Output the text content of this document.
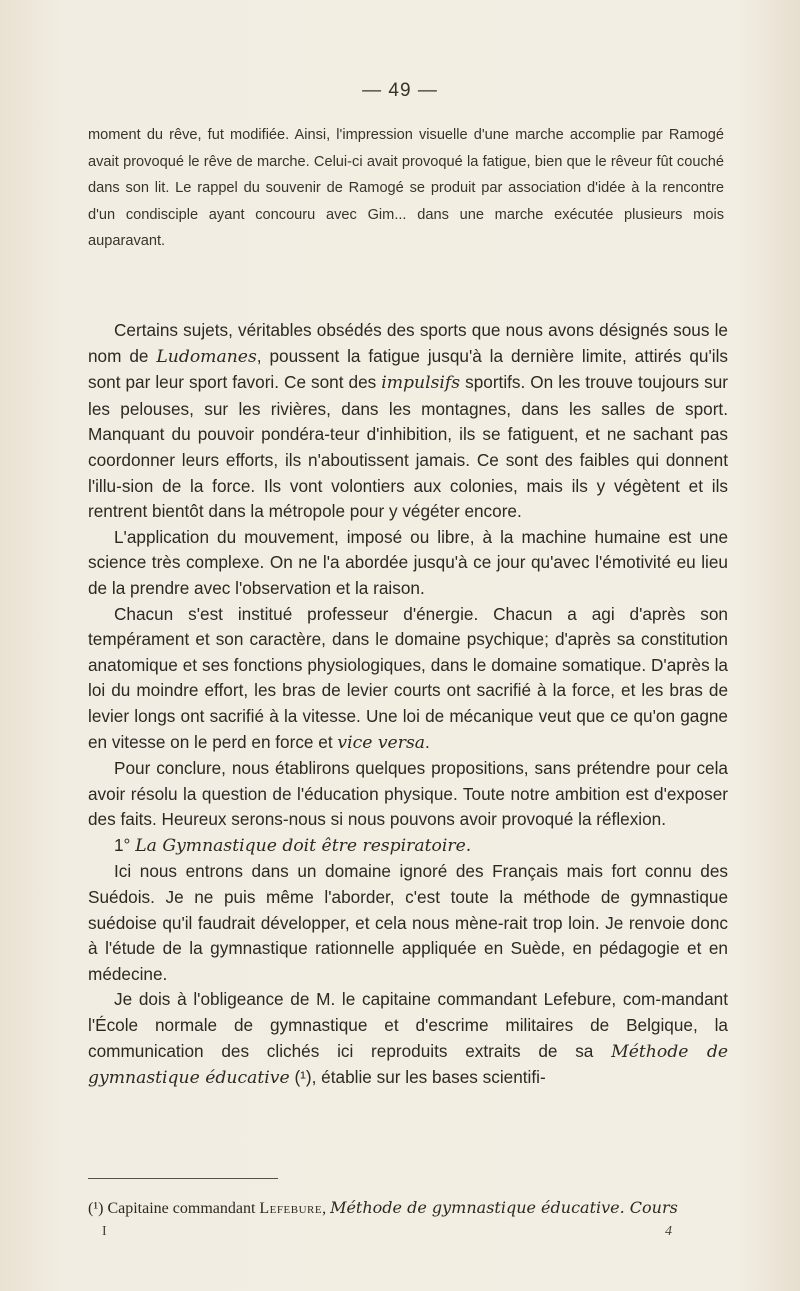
— 49 —
moment du rêve, fut modifiée. Ainsi, l'impression visuelle d'une marche accomplie par Ramogé avait provoqué le rêve de marche. Celui-ci avait provoqué la fatigue, bien que le rêveur fût couché dans son lit. Le rappel du souvenir de Ramogé se produit par association d'idée à la rencontre d'un condisciple ayant concouru avec Gim... dans une marche exécutée plusieurs mois auparavant.

Certains sujets, véritables obsédés des sports que nous avons désignés sous le nom de Ludomanes, poussent la fatigue jusqu'à la dernière limite, attirés qu'ils sont par leur sport favori. Ce sont des impulsifs sportifs. On les trouve toujours sur les pelouses, sur les rivières, dans les montagnes, dans les salles de sport. Manquant du pouvoir pondéra-teur d'inhibition, ils se fatiguent, et ne sachant pas coordonner leurs efforts, ils n'aboutissent jamais. Ce sont des faibles qui donnent l'illu-sion de la force. Ils vont volontiers aux colonies, mais ils y végètent et ils rentrent bientôt dans la métropole pour y végéter encore.

L'application du mouvement, imposé ou libre, à la machine humaine est une science très complexe. On ne l'a abordée jusqu'à ce jour qu'avec l'émotivité eu lieu de la prendre avec l'observation et la raison.

Chacun s'est institué professeur d'énergie. Chacun a agi d'après son tempérament et son caractère, dans le domaine psychique; d'après sa constitution anatomique et ses fonctions physiologiques, dans le domaine somatique. D'après la loi du moindre effort, les bras de levier courts ont sacrifié à la force, et les bras de levier longs ont sacrifié à la vitesse. Une loi de mécanique veut que ce qu'on gagne en vitesse on le perd en force et vice versa.

Pour conclure, nous établirons quelques propositions, sans prétendre pour cela avoir résolu la question de l'éducation physique. Toute notre ambition est d'exposer des faits. Heureux serons-nous si nous pouvons avoir provoqué la réflexion.

1° La Gymnastique doit être respiratoire.

Ici nous entrons dans un domaine ignoré des Français mais fort connu des Suédois. Je ne puis même l'aborder, c'est toute la méthode de gymnastique suédoise qu'il faudrait développer, et cela nous mène-rait trop loin. Je renvoie donc à l'étude de la gymnastique rationnelle appliquée en Suède, en pédagogie et en médecine.

Je dois à l'obligeance de M. le capitaine commandant Lefebure, com-mandant l'École normale de gymnastique et d'escrime militaires de Belgique, la communication des clichés ici reproduits extraits de sa Méthode de gymnastique éducative (¹), établie sur les bases scientifi-

(¹) Capitaine commandant Lefebure, Méthode de gymnastique éducative. Cours
I	4
